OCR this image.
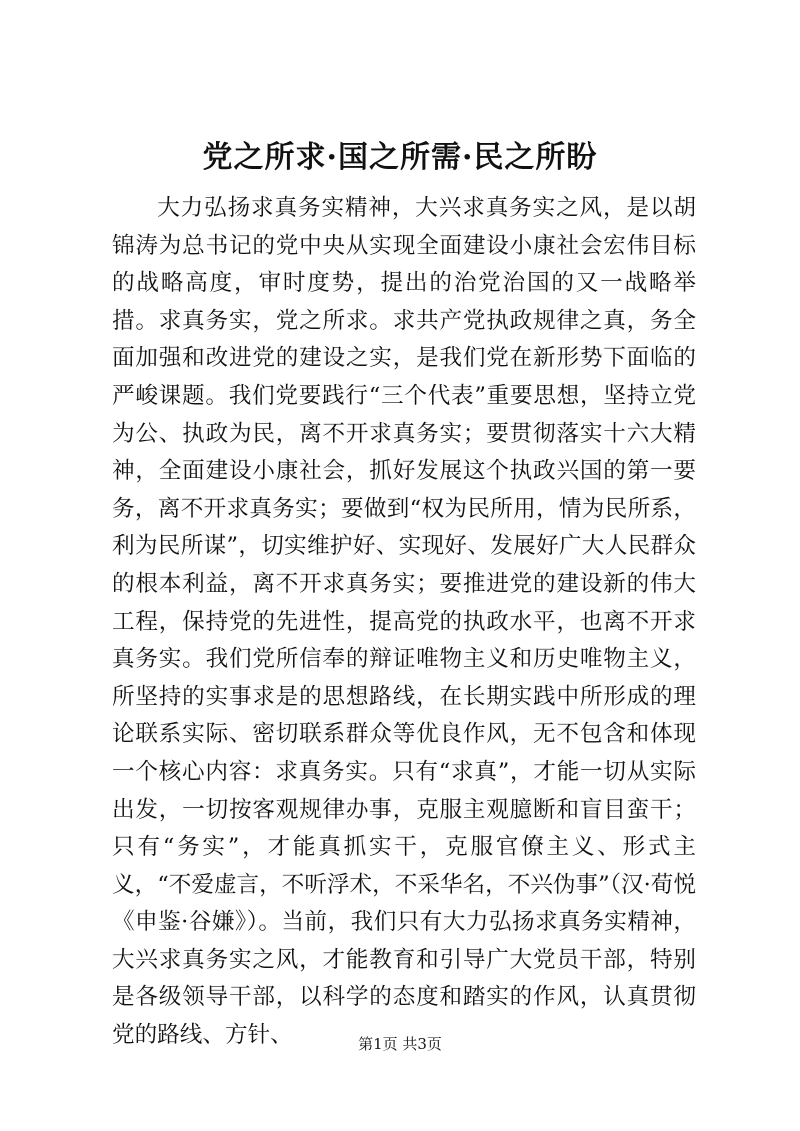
党之所求·国之所需·民之所盼

大力弘扬求真务实精神，大兴求真务实之风，是以胡锦涛为总书记的党中央从实现全面建设小康社会宏伟目标的战略高度，审时度势，提出的治党治国的又一战略举措。求真务实，党之所求。求共产党执政规律之真，务全面加强和改进党的建设之实，是我们党在新形势下面临的严峻课题。我们党要践行“三个代表”重要思想，坚持立党为公、执政为民，离不开求真务实；要贯彻落实十六大精神，全面建设小康社会，抓好发展这个执政兴国的第一要务，离不开求真务实；要做到“权为民所用，情为民所系，利为民所谋”，切实维护好、实现好、发展好广大人民群众的根本利益，离不开求真务实；要推进党的建设新的伟大工程，保持党的先进性，提高党的执政水平，也离不开求真务实。我们党所信奉的辩证唯物主义和历史唯物主义，所坚持的实事求是的思想路线，在长期实践中所形成的理论联系实际、密切联系群众等优良作风，无不包含和体现一个核心内容：求真务实。只有“求真”，才能一切从实际出发，一切按客观规律办事，克服主观臆断和盲目蛮干；只有“务实”，才能真抓实干，克服官僚主义、形式主义，“不爱虚言，不听浮术，不采华名，不兴伪事”（汉·荀悦《申鉴·谷嫌》）。当前，我们只有大力弘扬求真务实精神，大兴求真务实之风，才能教育和引导广大党员干部，特别是各级领导干部，以科学的态度和踏实的作风，认真贯彻党的路线、方针、	第1页 共3页
